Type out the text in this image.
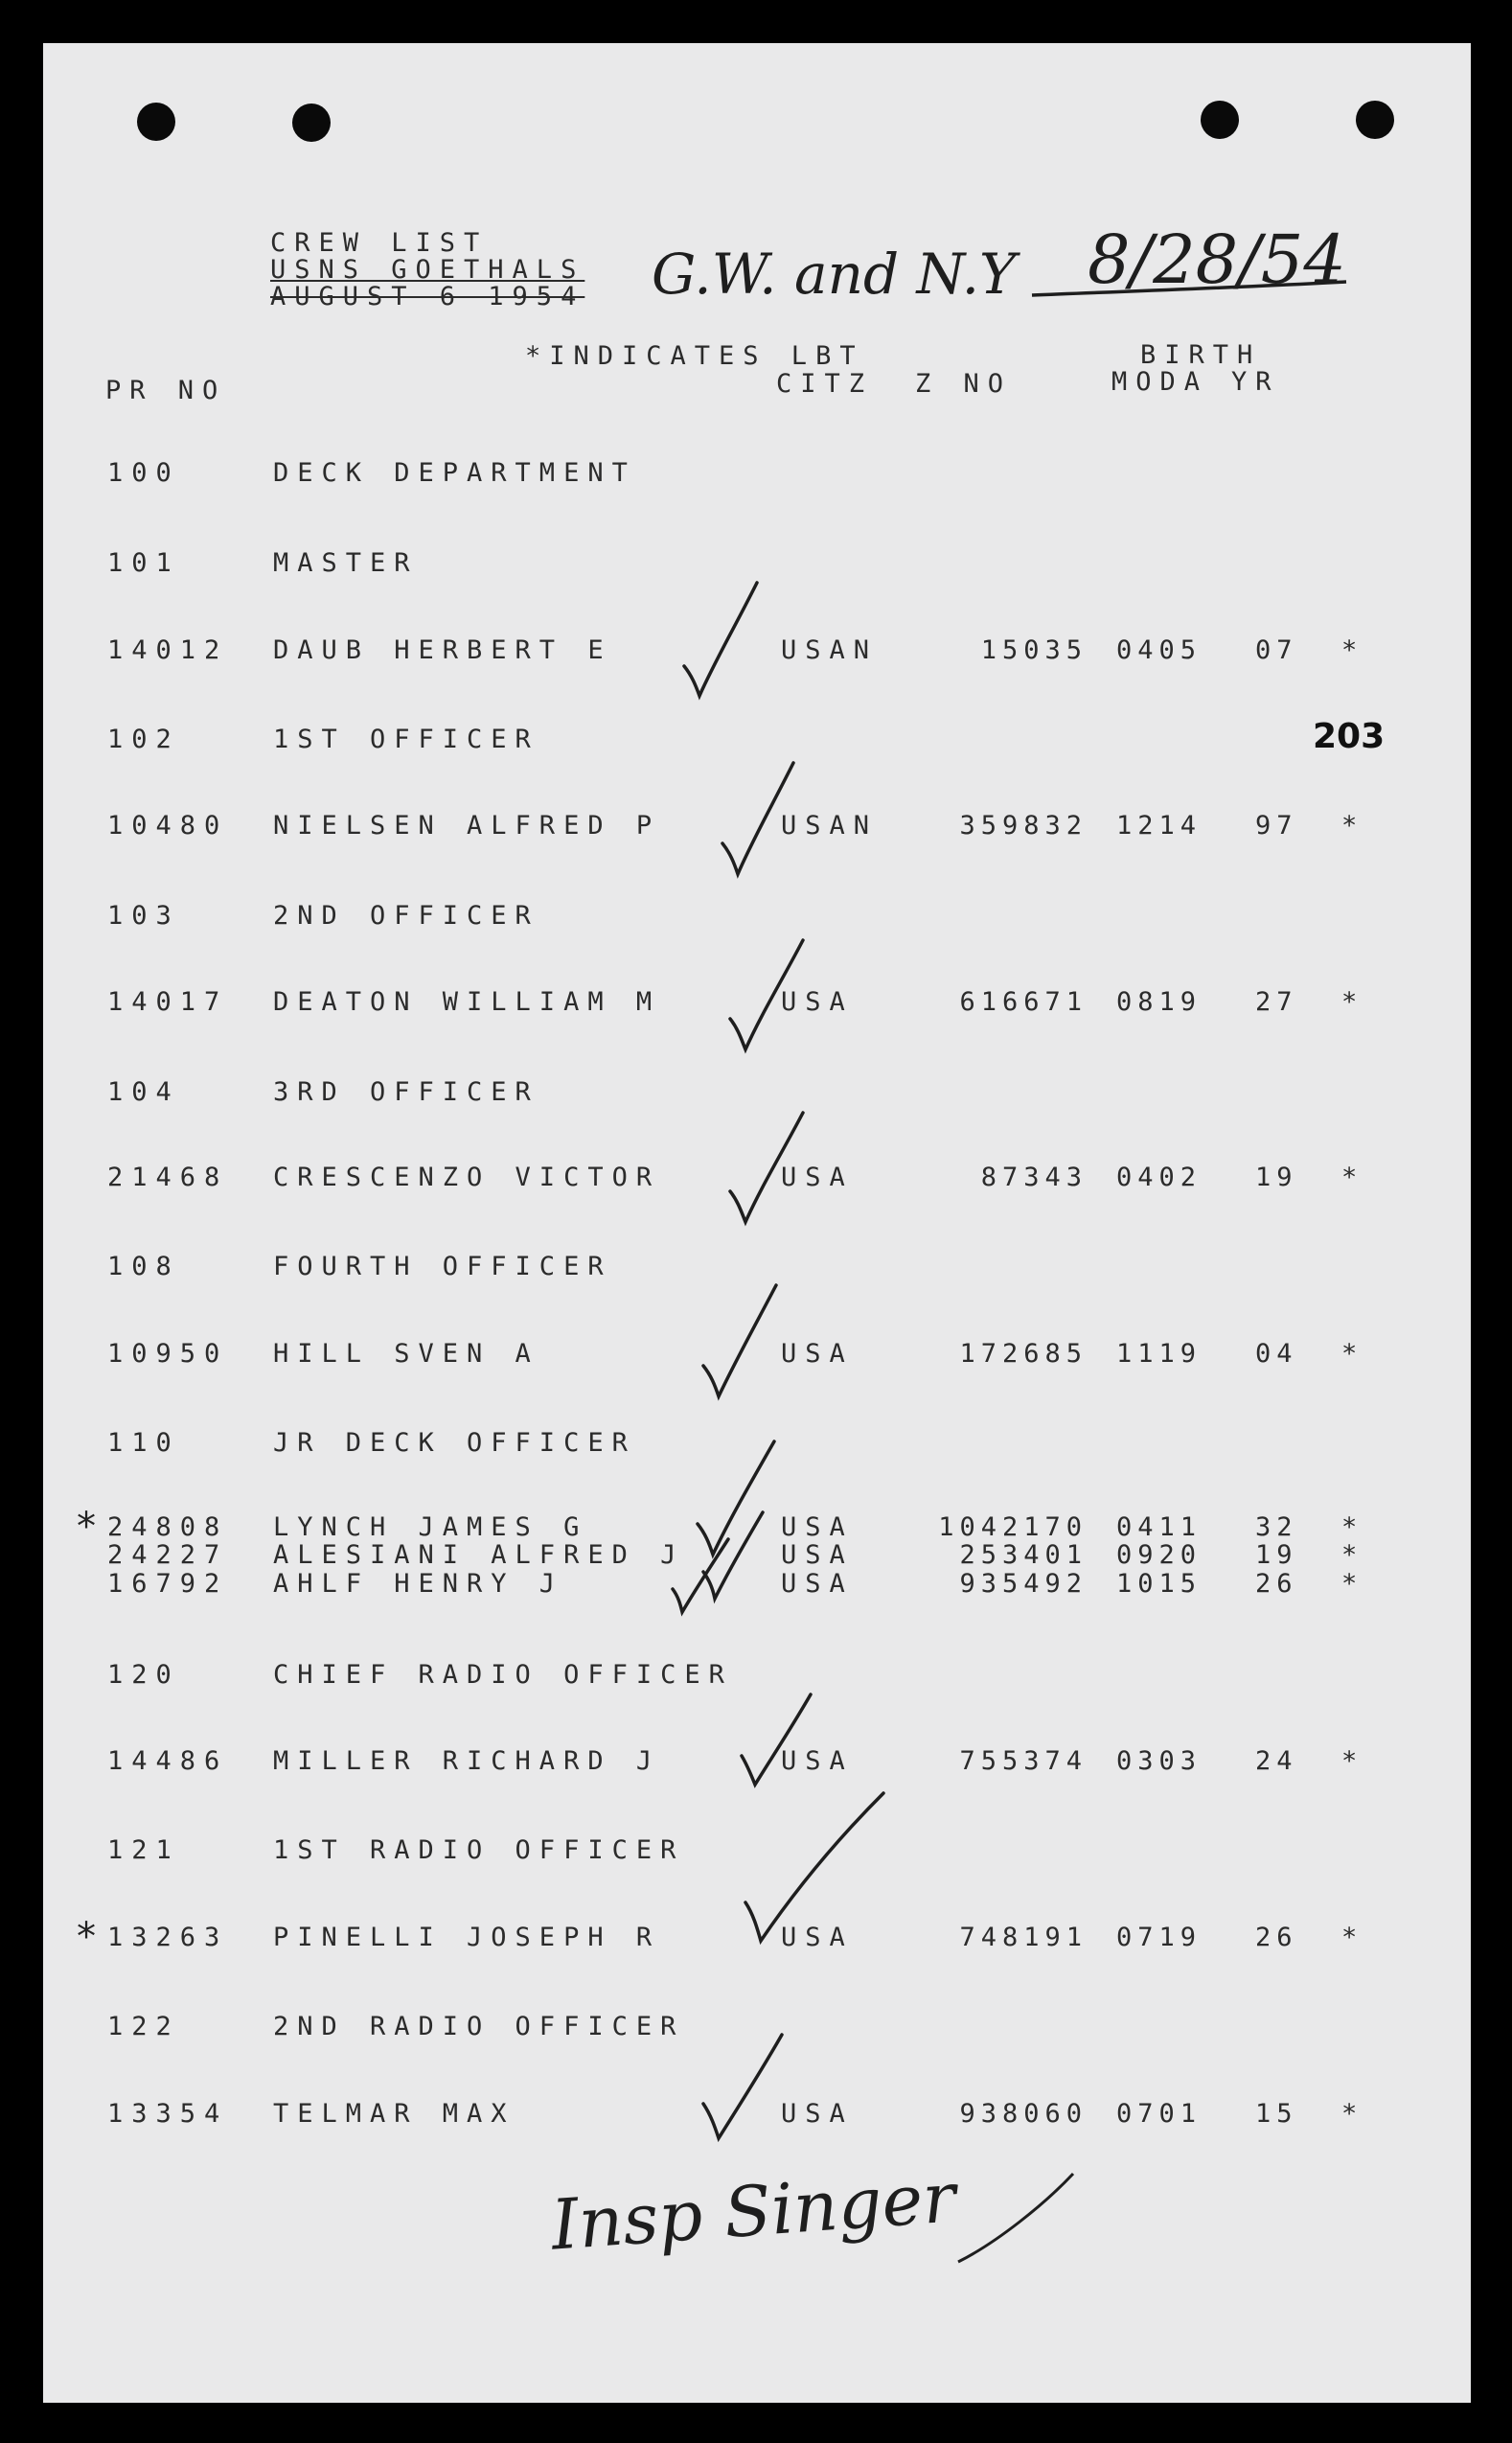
CREW LIST
USNS GOETHALS
AUGUST 6 1954 G.W. and N.Y 8/28/54
*INDICATES LBT	BIRTH
PR NO	CITZ Z NO	MODA YR
203
100	DECK DEPARTMENT
101	MASTER
14012 DAUB HERBERT E	USAN	15035 0405 07 *
102	1ST OFFICER
10480 NIELSEN ALFRED P	USAN	359832 1214 97 *
103	2ND OFFICER
14017 DEATON WILLIAM M	USA	616671 0819 27 *
104	3RD OFFICER
21468 CRESCENZO VICTOR	USA	87343 0402 19 *
108	FOURTH OFFICER
10950 HILL SVEN A	USA	172685 1119 04 *
110	JR DECK OFFICER
* 24808 LYNCH JAMES G	USA	1042170 0411 32 *
24227 ALESIANI ALFRED J	USA	253401 0920 19 *
16792 AHLF HENRY J	USA	935492 1015 26 *
120	CHIEF RADIO OFFICER
14486 MILLER RICHARD J	USA	755374 0303 24 *
121	1ST RADIO OFFICER
* 13263 PINELLI JOSEPH R	USA	748191 0719 26 *
122	2ND RADIO OFFICER
13354 TELMAR MAX	USA	938060 0701 15 *
Insp Singer
